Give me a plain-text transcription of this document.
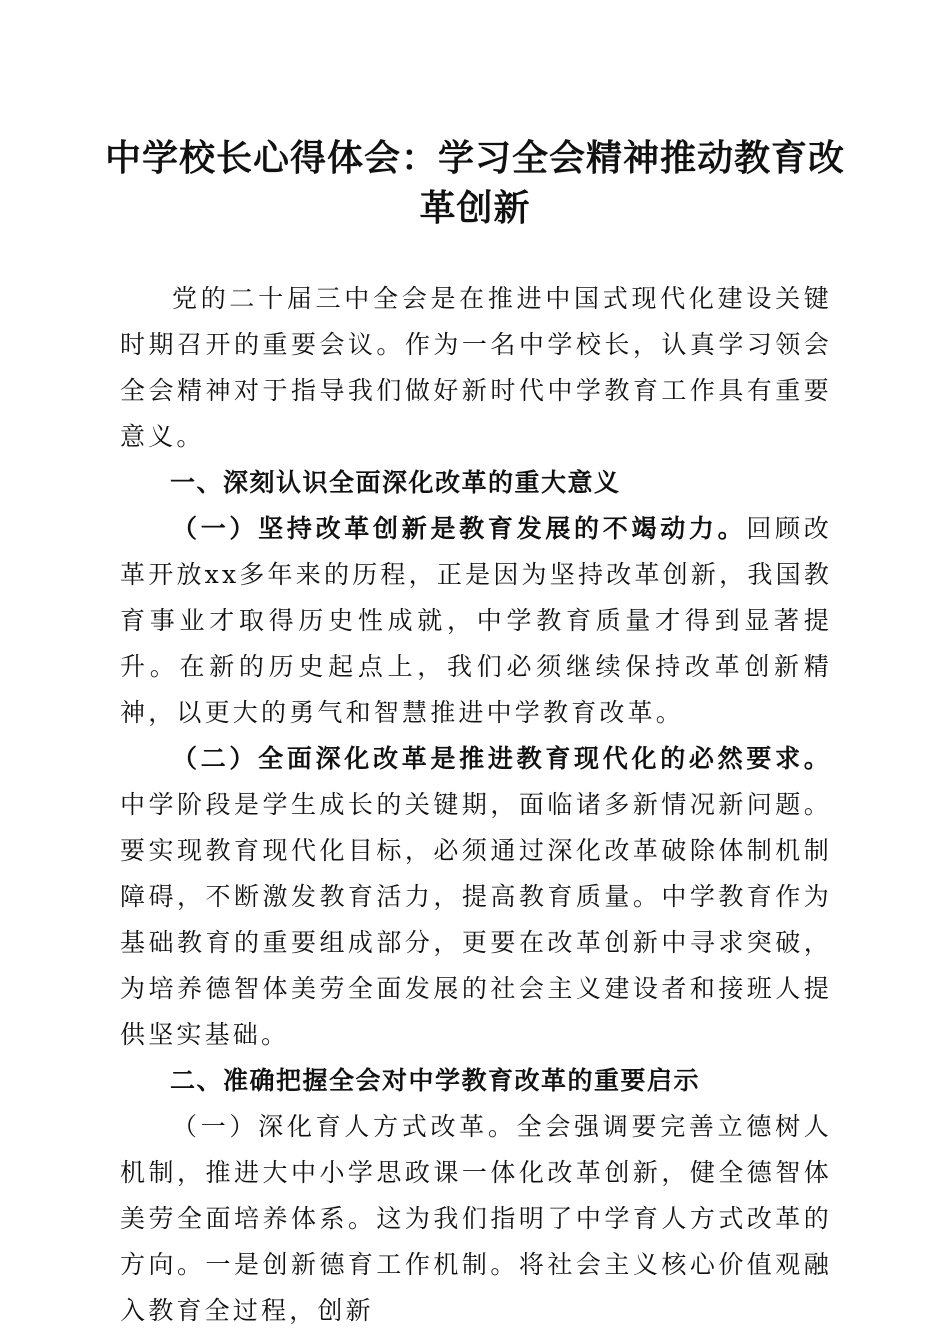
中学校长心得体会：学习全会精神推动教育改革创新

党的二十届三中全会是在推进中国式现代化建设关键时期召开的重要会议。作为一名中学校长，认真学习领会全会精神对于指导我们做好新时代中学教育工作具有重要意义。

一、深刻认识全面深化改革的重大意义

（一）坚持改革创新是教育发展的不竭动力。回顾改革开放xx多年来的历程，正是因为坚持改革创新，我国教育事业才取得历史性成就，中学教育质量才得到显著提升。在新的历史起点上，我们必须继续保持改革创新精神，以更大的勇气和智慧推进中学教育改革。

（二）全面深化改革是推进教育现代化的必然要求。中学阶段是学生成长的关键期，面临诸多新情况新问题。要实现教育现代化目标，必须通过深化改革破除体制机制障碍，不断激发教育活力，提高教育质量。中学教育作为基础教育的重要组成部分，更要在改革创新中寻求突破，为培养德智体美劳全面发展的社会主义建设者和接班人提供坚实基础。

二、准确把握全会对中学教育改革的重要启示

（一）深化育人方式改革。全会强调要完善立德树人机制，推进大中小学思政课一体化改革创新，健全德智体美劳全面培养体系。这为我们指明了中学育人方式改革的方向。一是创新德育工作机制。将社会主义核心价值观融入教育全过程，创新
